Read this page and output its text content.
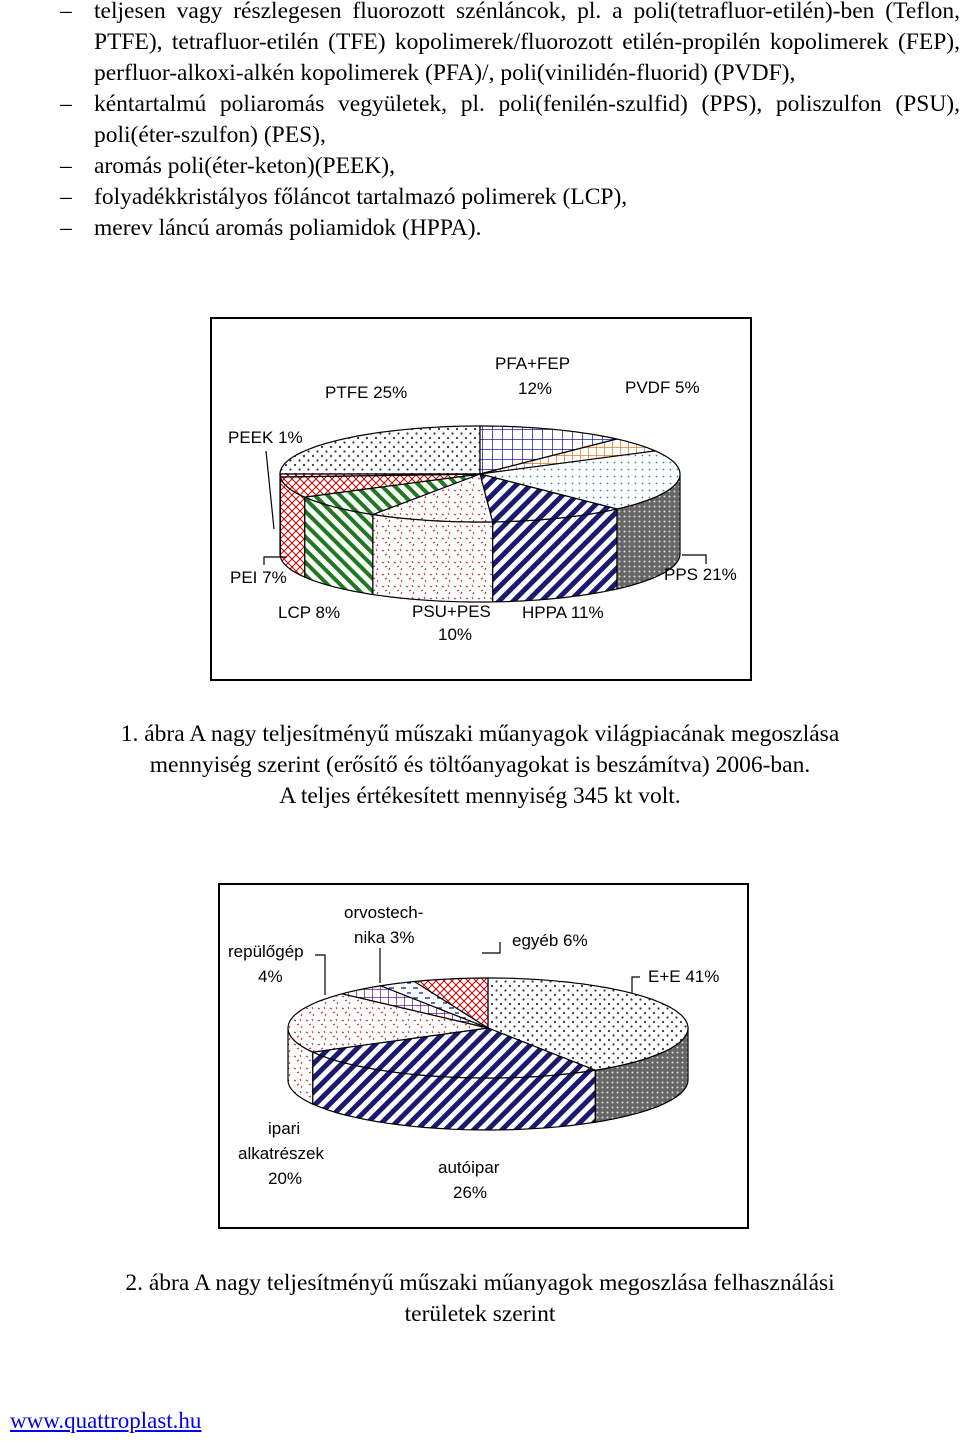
– teljesen vagy részlegesen fluorozott szénláncok, pl. a poli(tetrafluor-etilén)-ben (Teflon, PTFE), tetrafluor-etilén (TFE) kopolimerek/fluorozott etilén-propilén kopolimerek (FEP), perfluor-alkoxi-alkén kopolimerek (PFA)/, poli(vinilidén-fluorid) (PVDF),
– kéntartalmú poliaromás vegyületek, pl. poli(fenilén-szulfid) (PPS), poliszulfon (PSU), poli(éter-szulfon) (PES),
– aromás poli(éter-keton)(PEEK),
– folyadékkristályos főláncot tartalmazó polimerek (LCP),
– merev láncú aromás poliamidok (HPPA).
PTFE 25%
PFA+FEP
12%	PVDF 5%
PPS 21%
HPPA 11%
PSU+PES
10%
LCP 8%
PEI 7%
PEEK 1%
1. ábra A nagy teljesítményű műszaki műanyagok világpiacának megoszlása
mennyiség szerint (erősítő és töltőanyagokat is beszámítva) 2006-ban.
A teljes értékesített mennyiség 345 kt volt.
E+E 41%
autóipar
26%
ipari
alkatrészek
20%
repülőgép
4%
orvostech-
nika 3%	egyéb 6%
2. ábra A nagy teljesítményű műszaki műanyagok megoszlása felhasználási
területek szerint
www.quattroplast.hu
